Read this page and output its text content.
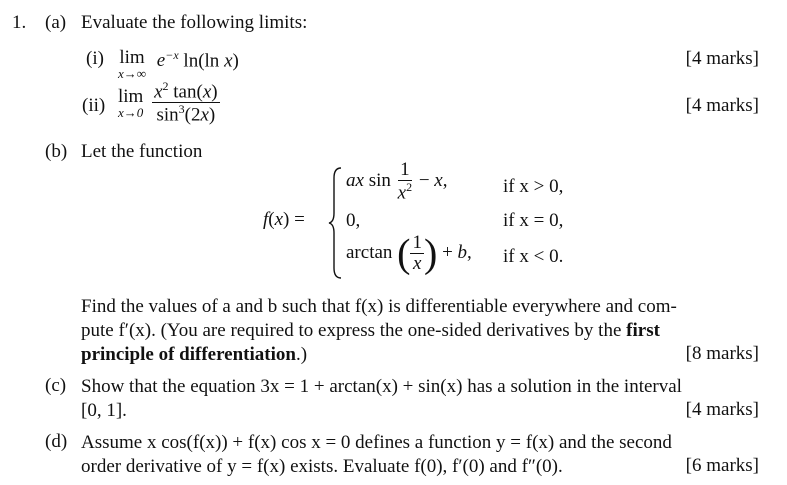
1. (a) Evaluate the following limits:
(i) lim
x→∞
$e^{-x}$ ln(ln x)	[4 marks]
(ii) lim
x→0
$\frac{x^2 \tan(x)}{\sin^3(2x)}$	[4 marks]
(b) Let the function
f(x) =
ax $\sin \frac{1}{x^2} - x$,	if x > 0,
0,	if x = 0,
arctan ( $\frac{1}{x}$ ) + b, if x < 0.
Find the values of a and b such that f(x) is differentiable everywhere and com-
pute f′(x). (You are required to express the one-sided derivatives by the first
principle of differentiation.)	[8 marks]
(c) Show that the equation 3x = 1 + arctan(x) + sin(x) has a solution in the interval
[0, 1].	[4 marks]
(d) Assume x cos(f(x)) + f(x) cos x = 0 defines a function y = f(x) and the second
order derivative of y = f(x) exists. Evaluate f(0), f′(0) and f″(0).	[6 marks]
